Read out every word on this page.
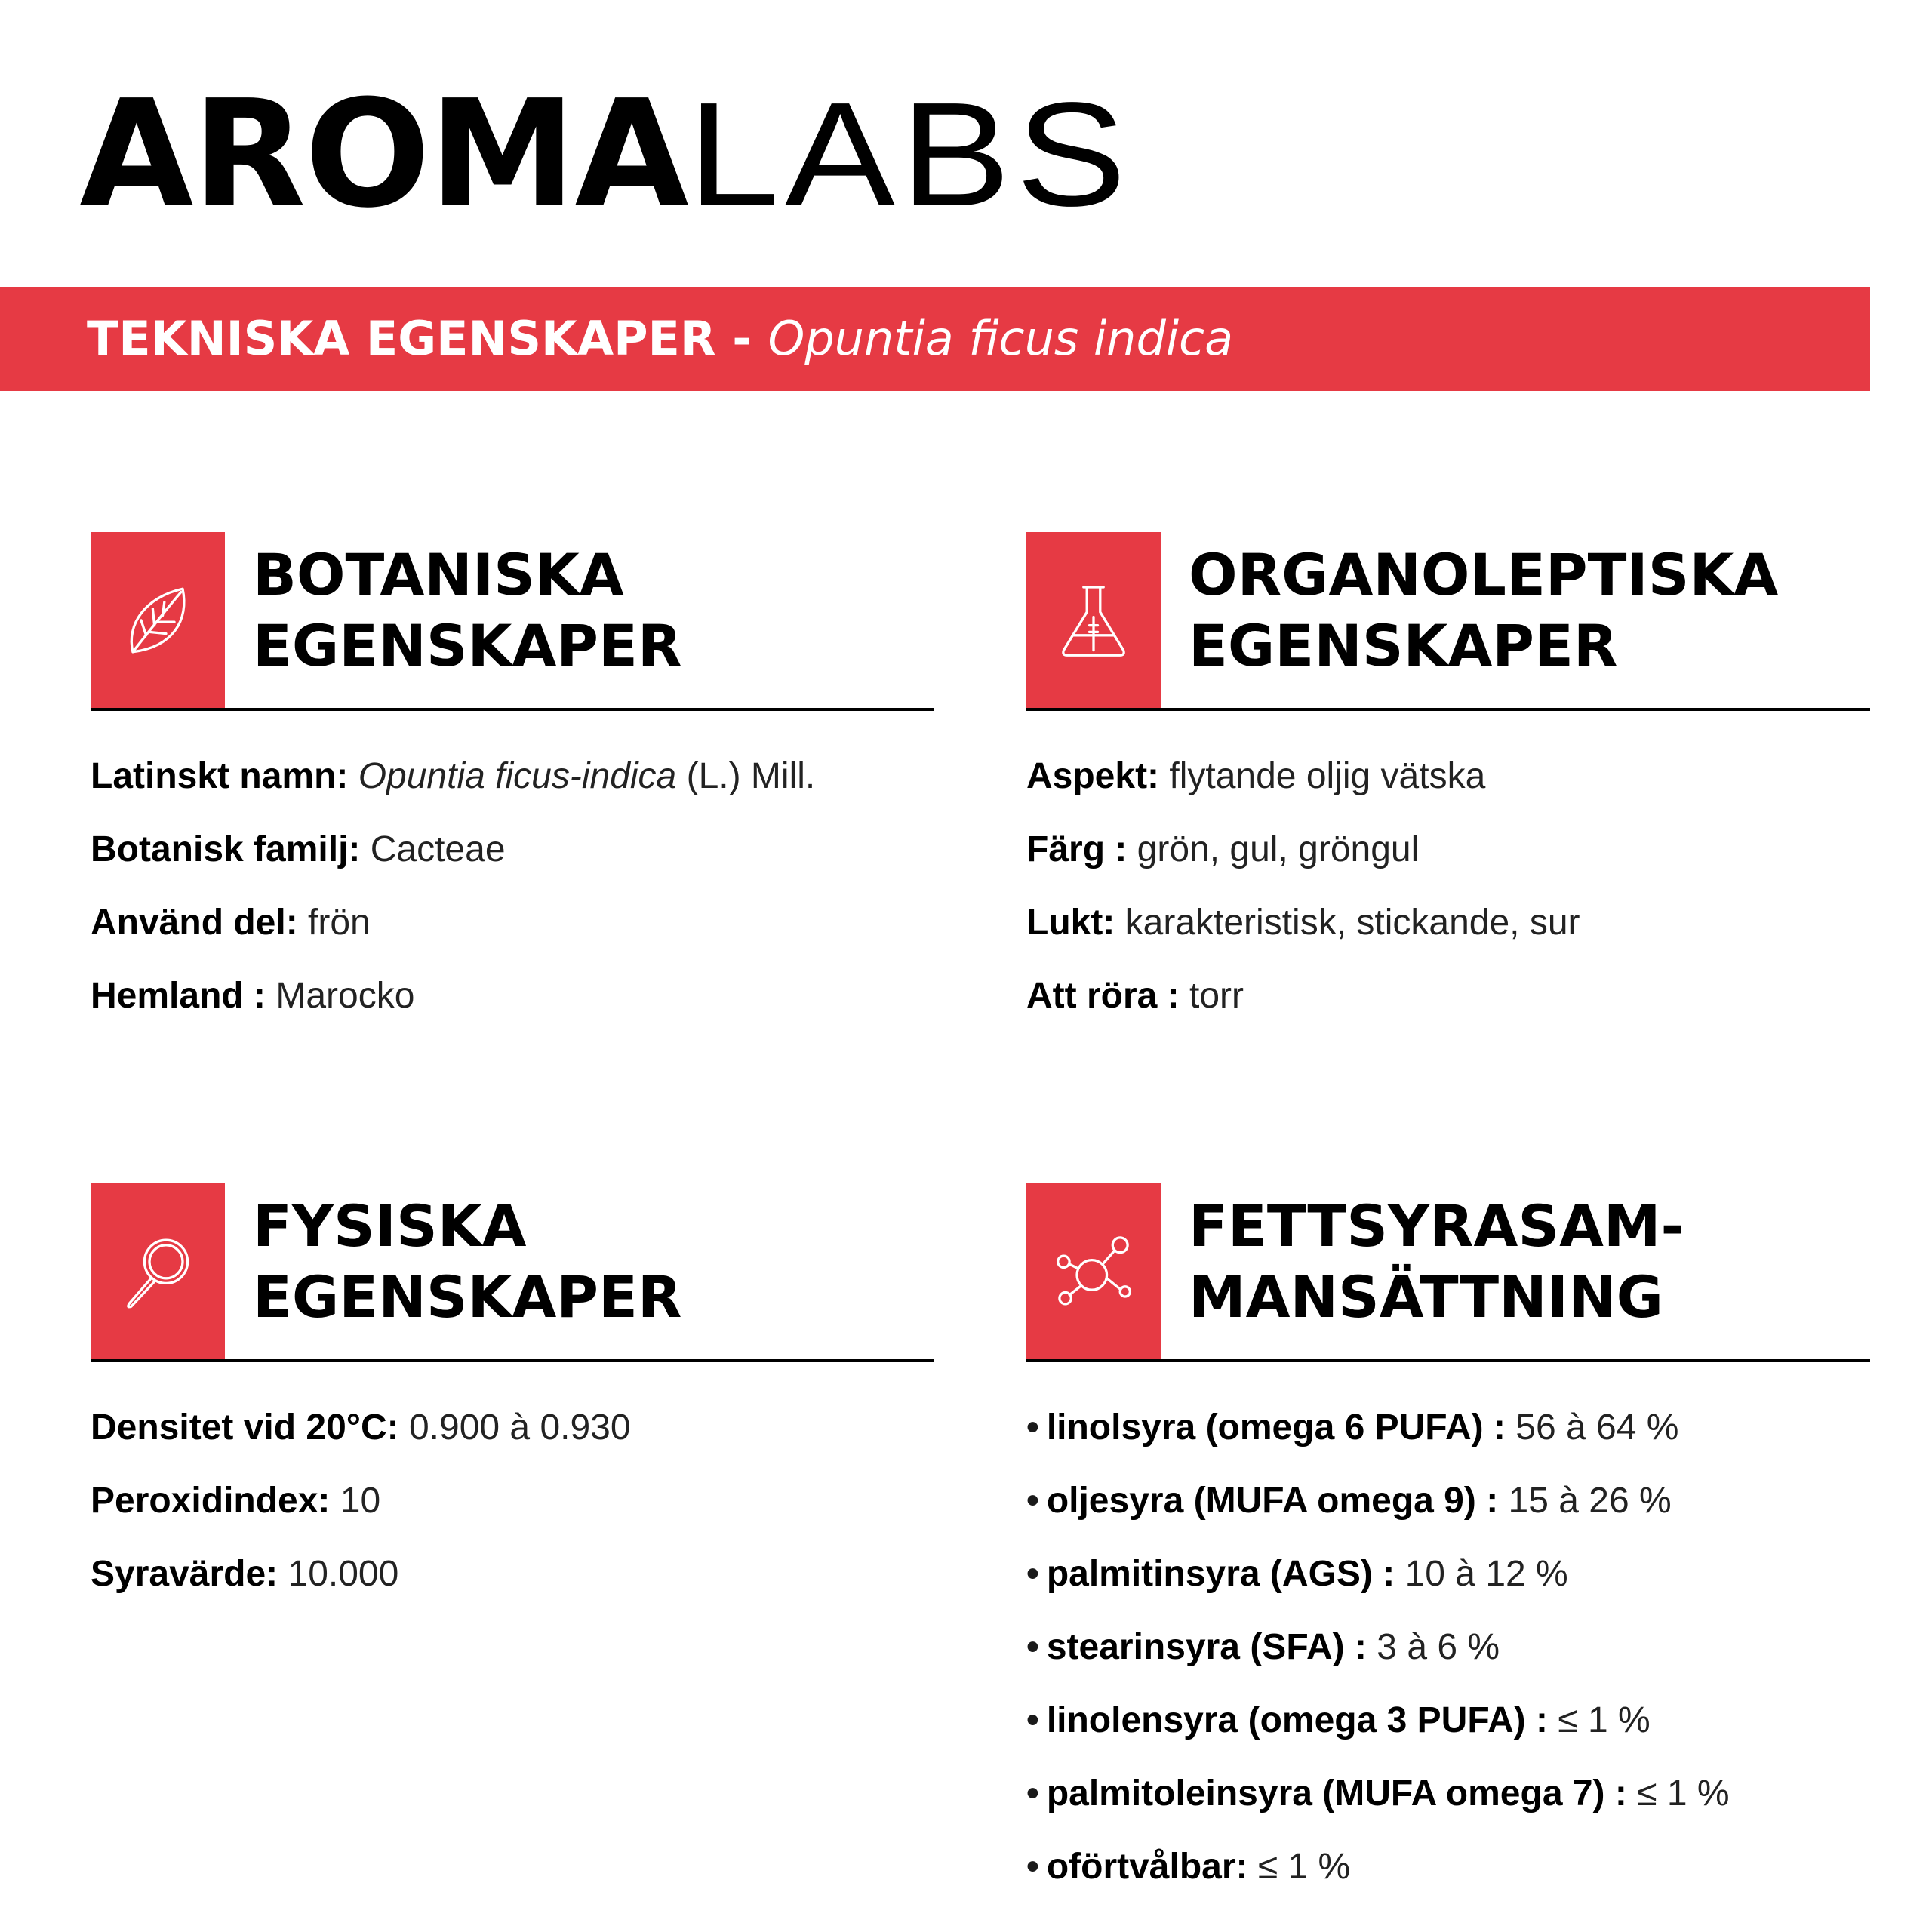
AROMALABS
TEKNISKA EGENSKAPER - Opuntia ficus indica
BOTANISKA
EGENSKAPER
Latinskt namn: Opuntia ficus-indica (L.) Mill.
Botanisk familj: Cacteae
Använd del: frön
Hemland : Marocko
ORGANOLEPTISKA
EGENSKAPER
Aspekt: flytande oljig vätska
Färg : grön, gul, gröngul
Lukt: karakteristisk, stickande, sur
Att röra : torr
FYSISKA
EGENSKAPER
Densitet vid 20°C: 0.900 à 0.930
Peroxidindex: 10
Syravärde: 10.000
FETTSYRASAM-
MANSÄTTNING
• linolsyra (omega 6 PUFA) : 56 à 64 %
• oljesyra (MUFA omega 9) : 15 à 26 %
• palmitinsyra (AGS) : 10 à 12 %
• stearinsyra (SFA) : 3 à 6 %
• linolensyra (omega 3 PUFA) : ≤ 1 %
• palmitoleinsyra (MUFA omega 7) : ≤ 1 %
• oförtvålbar: ≤ 1 %
